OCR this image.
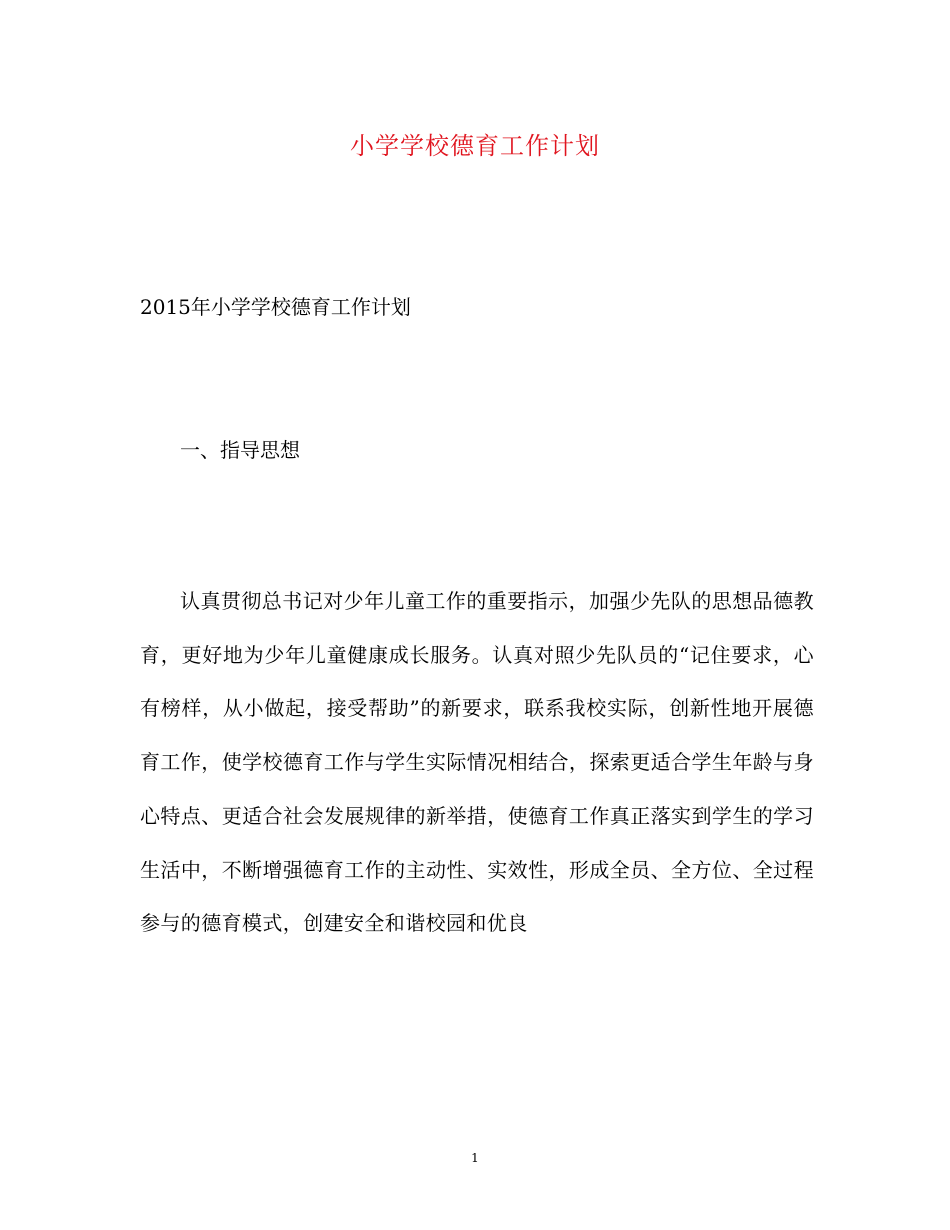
小学学校德育工作计划
2015年小学学校德育工作计划
一、指导思想

认真贯彻总书记对少年儿童工作的重要指示，加强少先队的思想品德教育，更好地为少年儿童健康成长服务。认真对照少先队员的“记住要求，心有榜样，从小做起，接受帮助”的新要求，联系我校实际，创新性地开展德育工作，使学校德育工作与学生实际情况相结合，探索更适合学生年龄与身心特点、更适合社会发展规律的新举措，使德育工作真正落实到学生的学习生活中，不断增强德育工作的主动性、实效性，形成全员、全方位、全过程参与的德育模式，创建安全和谐校园和优良

1
